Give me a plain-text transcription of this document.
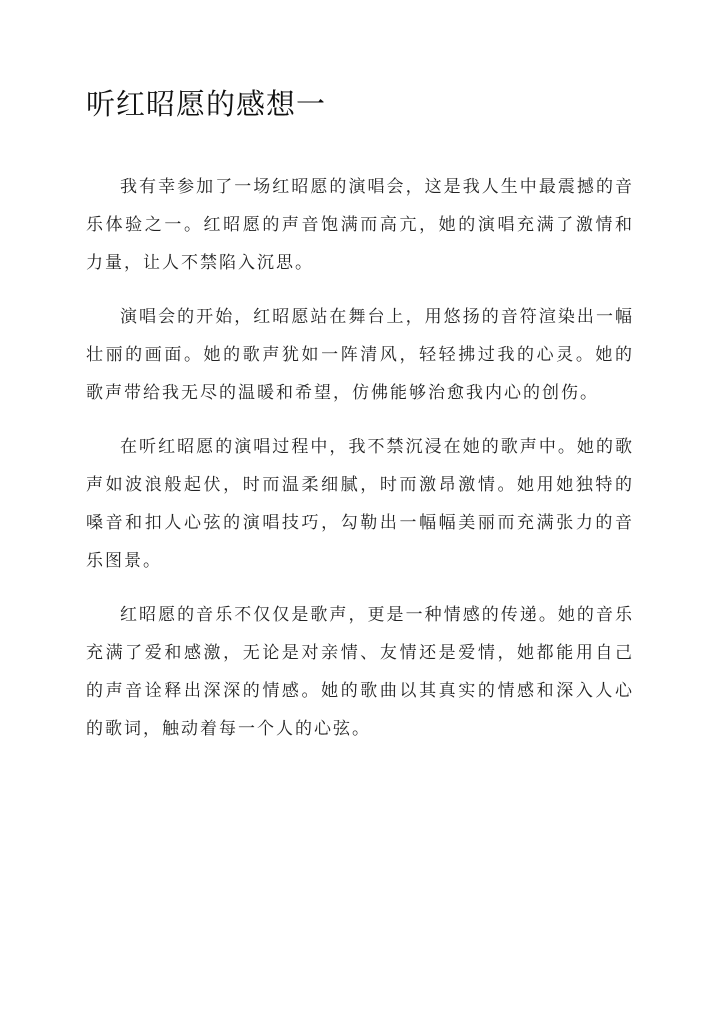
听红昭愿的感想一

我有幸参加了一场红昭愿的演唱会，这是我人生中最震撼的音乐体验之一。红昭愿的声音饱满而高亢，她的演唱充满了激情和力量，让人不禁陷入沉思。

演唱会的开始，红昭愿站在舞台上，用悠扬的音符渲染出一幅壮丽的画面。她的歌声犹如一阵清风，轻轻拂过我的心灵。她的歌声带给我无尽的温暖和希望，仿佛能够治愈我内心的创伤。

在听红昭愿的演唱过程中，我不禁沉浸在她的歌声中。她的歌声如波浪般起伏，时而温柔细腻，时而激昂激情。她用她独特的嗓音和扣人心弦的演唱技巧，勾勒出一幅幅美丽而充满张力的音乐图景。

红昭愿的音乐不仅仅是歌声，更是一种情感的传递。她的音乐充满了爱和感激，无论是对亲情、友情还是爱情，她都能用自己的声音诠释出深深的情感。她的歌曲以其真实的情感和深入人心的歌词，触动着每一个人的心弦。
